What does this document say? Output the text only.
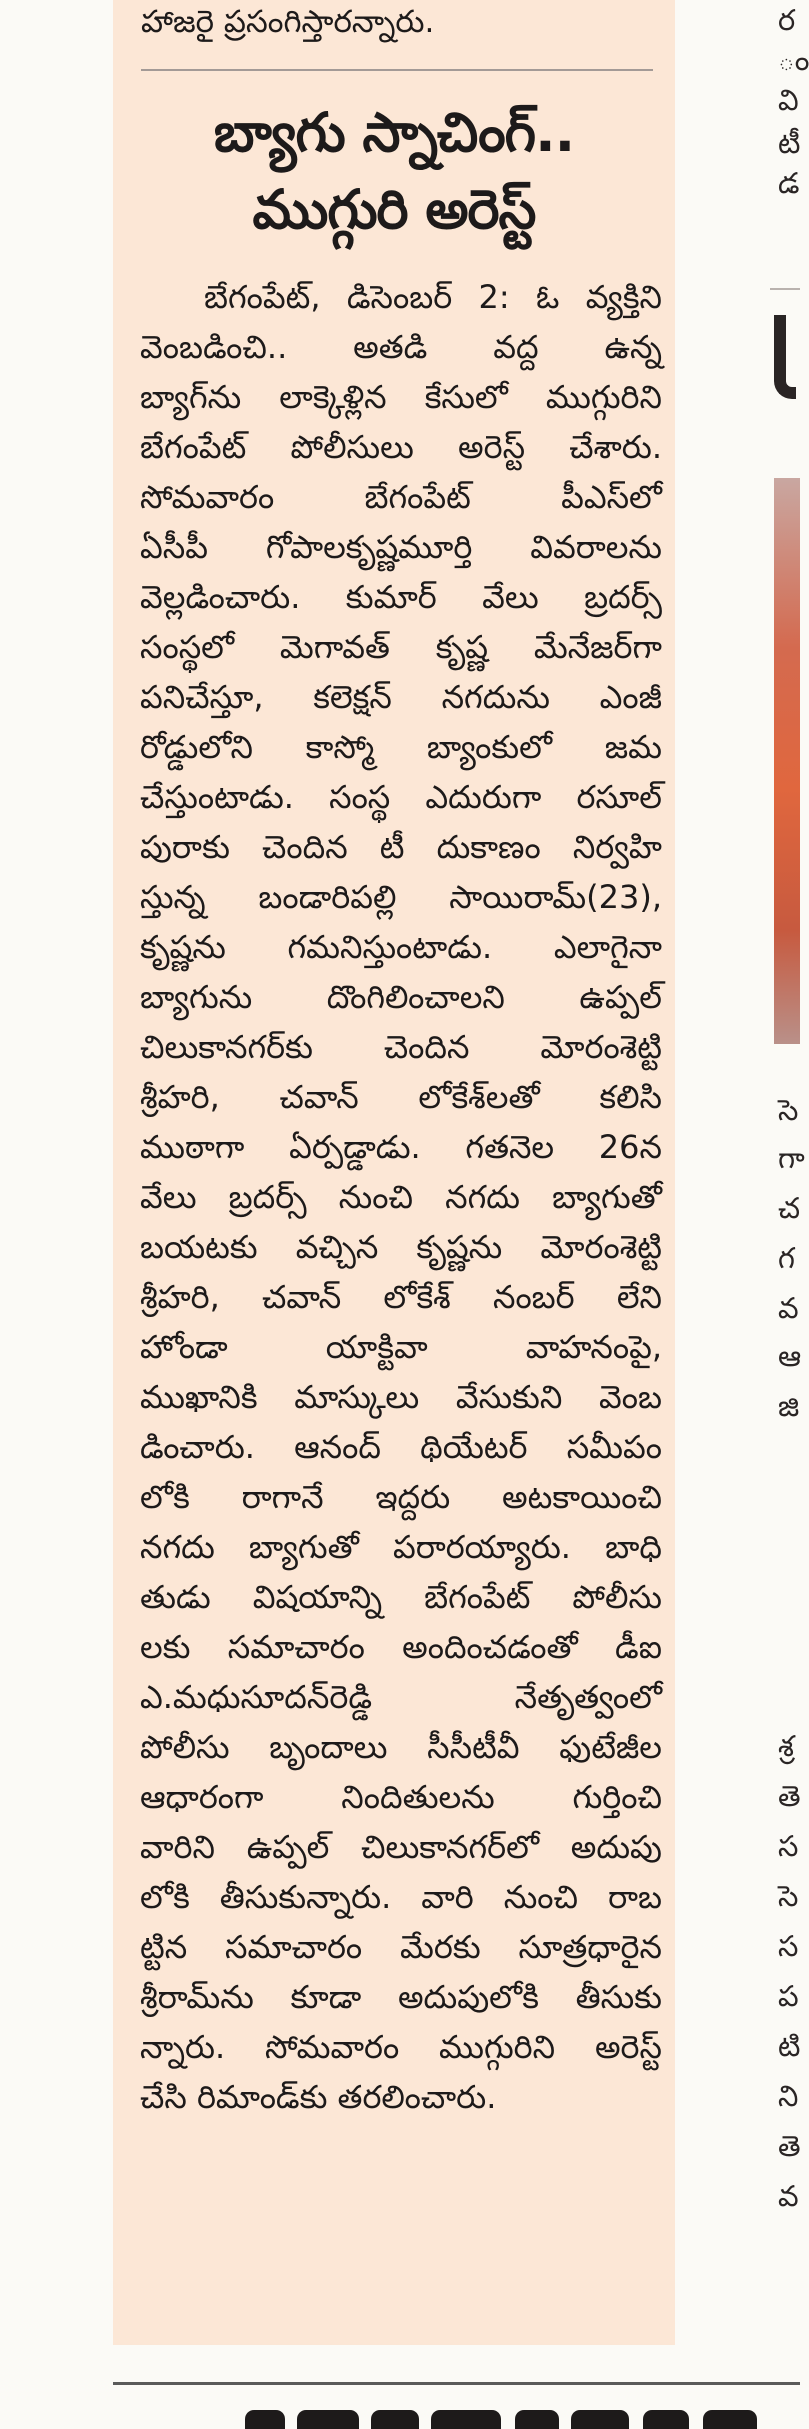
హాజరై ప్రసంగిస్తారన్నారు.
బ్యాగు స్నాచింగ్..
ముగ్గురి అరెస్ట్
బేగంపేట్, డిసెంబర్ 2: ఓ వ్యక్తిని
వెంబడించి.. అతడి వద్ద ఉన్న
బ్యాగ్‌ను లాక్కెళ్లిన కేసులో ముగ్గురిని
బేగంపేట్ పోలీసులు అరెస్ట్ చేశారు.
సోమవారం బేగంపేట్ పీఎస్‌లో
ఏసీపీ గోపాలకృష్ణమూర్తి వివరాలను
వెల్లడించారు. కుమార్ వేలు బ్రదర్స్
సంస్థలో మెగావత్ కృష్ణ మేనేజర్‌గా
పనిచేస్తూ, కలెక్షన్ నగదును ఎంజీ
రోడ్డులోని కాస్మో బ్యాంకులో జమ
చేస్తుంటాడు. సంస్థ ఎదురుగా రసూల్
పురాకు చెందిన టీ దుకాణం నిర్వహి
స్తున్న బండారిపల్లి సాయిరామ్(23),
కృష్ణను గమనిస్తుంటాడు. ఎలాగైనా
బ్యాగును దొంగిలించాలని ఉప్పల్
చిలుకానగర్‌కు చెందిన మోరంశెట్టి
శ్రీహరి, చవాన్ లోకేశ్‌లతో కలిసి
ముఠాగా ఏర్పడ్డాడు. గతనెల 26న
వేలు బ్రదర్స్ నుంచి నగదు బ్యాగుతో
బయటకు వచ్చిన కృష్ణను మోరంశెట్టి
శ్రీహరి, చవాన్ లోకేశ్ నంబర్ లేని
హోండా యాక్టివా వాహనంపై,
ముఖానికి మాస్కులు వేసుకుని వెంబ
డించారు. ఆనంద్ థియేటర్ సమీపం
లోకి రాగానే ఇద్దరు అటకాయించి
నగదు బ్యాగుతో పరారయ్యారు. బాధి
తుడు విషయాన్ని బేగంపేట్ పోలీసు
లకు సమాచారం అందించడంతో డీఐ
ఎ.మధుసూదన్‌రెడ్డి నేతృత్వంలో
పోలీసు బృందాలు సీసీటీవీ ఫుటేజీల
ఆధారంగా నిందితులను గుర్తించి
వారిని ఉప్పల్ చిలుకానగర్‌లో అదుపు
లోకి తీసుకున్నారు. వారి నుంచి రాబ
ట్టిన సమాచారం మేరకు సూత్రధారైన
శ్రీరామ్‌ను కూడా అదుపులోకి తీసుకు
న్నారు. సోమవారం ముగ్గురిని అరెస్ట్
చేసి రిమాండ్‌కు తరలించారు.
ర
ం
వి
టీ
డ
సె
గా
చ
గ
వ
ఆ
జి
శ్ర
తె
స
సె
స
ప
టి
ని
తె
వ
